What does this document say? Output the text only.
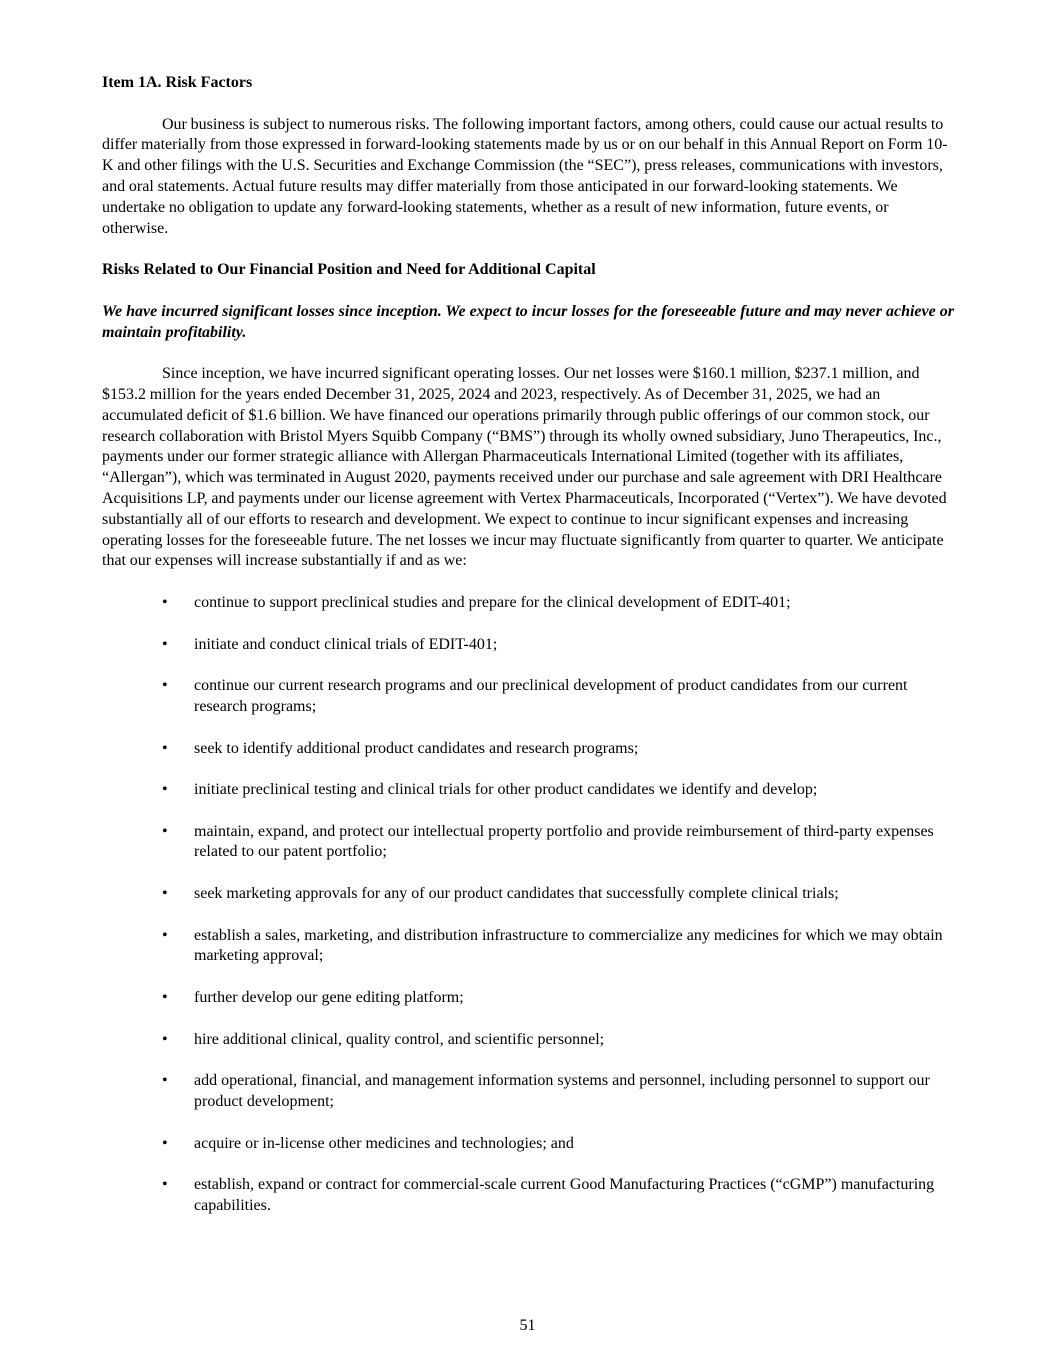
Item 1A. Risk Factors

Our business is subject to numerous risks. The following important factors, among others, could cause our actual results to differ materially from those expressed in forward-looking statements made by us or on our behalf in this Annual Report on Form 10-K and other filings with the U.S. Securities and Exchange Commission (the “SEC”), press releases, communications with investors, and oral statements. Actual future results may differ materially from those anticipated in our forward-looking statements. We undertake no obligation to update any forward-looking statements, whether as a result of new information, future events, or otherwise.

Risks Related to Our Financial Position and Need for Additional Capital
We have incurred significant losses since inception. We expect to incur losses for the foreseeable future and may never achieve or maintain profitability.

Since inception, we have incurred significant operating losses. Our net losses were $160.1 million, $237.1 million, and $153.2 million for the years ended December 31, 2025, 2024 and 2023, respectively. As of December 31, 2025, we had an accumulated deficit of $1.6 billion. We have financed our operations primarily through public offerings of our common stock, our research collaboration with Bristol Myers Squibb Company (“BMS”) through its wholly owned subsidiary, Juno Therapeutics, Inc., payments under our former strategic alliance with Allergan Pharmaceuticals International Limited (together with its affiliates, “Allergan”), which was terminated in August 2020, payments received under our purchase and sale agreement with DRI Healthcare Acquisitions LP, and payments under our license agreement with Vertex Pharmaceuticals, Incorporated (“Vertex”). We have devoted substantially all of our efforts to research and development. We expect to continue to incur significant expenses and increasing operating losses for the foreseeable future. The net losses we incur may fluctuate significantly from quarter to quarter. We anticipate that our expenses will increase substantially if and as we:

• continue to support preclinical studies and prepare for the clinical development of EDIT-401;
• initiate and conduct clinical trials of EDIT-401;
• continue our current research programs and our preclinical development of product candidates from our current research programs;
• seek to identify additional product candidates and research programs;
• initiate preclinical testing and clinical trials for other product candidates we identify and develop;
• maintain, expand, and protect our intellectual property portfolio and provide reimbursement of third-party expenses related to our patent portfolio;
• seek marketing approvals for any of our product candidates that successfully complete clinical trials;
• establish a sales, marketing, and distribution infrastructure to commercialize any medicines for which we may obtain marketing approval;
• further develop our gene editing platform;
• hire additional clinical, quality control, and scientific personnel;
• add operational, financial, and management information systems and personnel, including personnel to support our product development;
• acquire or in-license other medicines and technologies; and
• establish, expand or contract for commercial-scale current Good Manufacturing Practices (“cGMP”) manufacturing capabilities.
51
